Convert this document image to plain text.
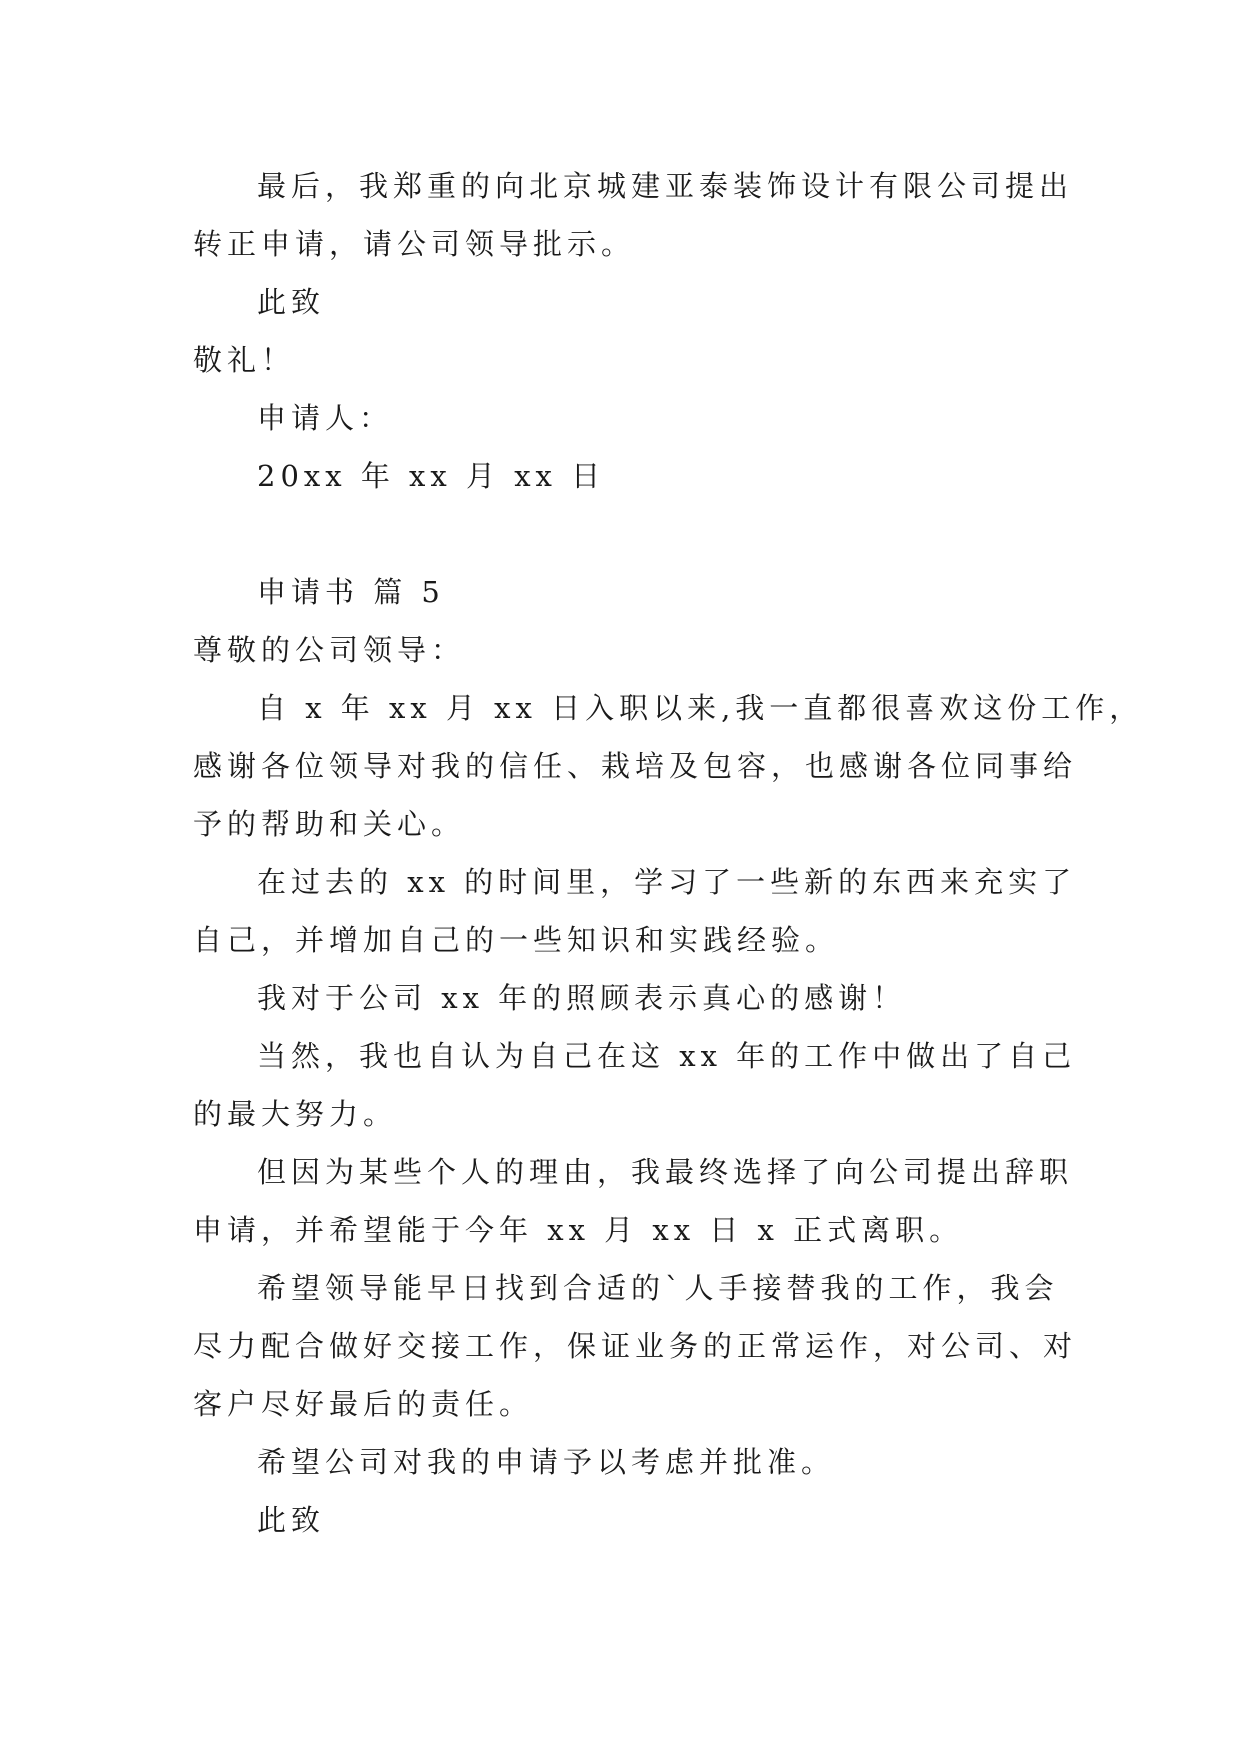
最后，我郑重的向北京城建亚泰装饰设计有限公司提出
转正申请，请公司领导批示。
此致
敬礼！
申请人：
20xx 年 xx 月 xx 日
申请书 篇 5
尊敬的公司领导：
自 x 年 xx 月 xx 日入职以来,我一直都很喜欢这份工作，
感谢各位领导对我的信任、栽培及包容，也感谢各位同事给
予的帮助和关心。
在过去的 xx 的时间里，学习了一些新的东西来充实了
自己，并增加自己的一些知识和实践经验。
我对于公司 xx 年的照顾表示真心的感谢！
当然，我也自认为自己在这 xx 年的工作中做出了自己
的最大努力。
但因为某些个人的理由，我最终选择了向公司提出辞职
申请，并希望能于今年 xx 月 xx 日 x 正式离职。
希望领导能早日找到合适的`人手接替我的工作，我会
尽力配合做好交接工作，保证业务的正常运作，对公司、对
客户尽好最后的责任。
希望公司对我的申请予以考虑并批准。
此致
